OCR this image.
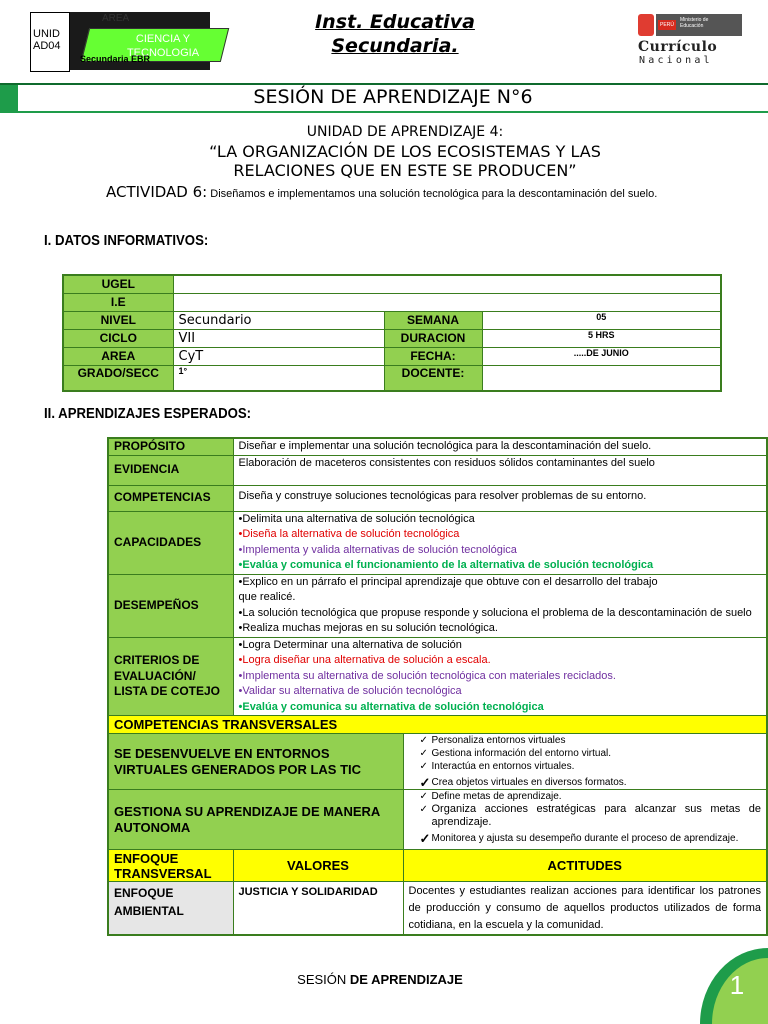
UNID AD04
AREA
CIENCIA Y TECNOLOGIA
Secundaria EBR
Inst. Educativa Secundaria.
PERÚ
Ministerio de Educación
Currículo
Nacional
SESIÓN DE APRENDIZAJE N°6
UNIDAD DE APRENDIZAJE 4:
“LA ORGANIZACIÓN DE LOS ECOSISTEMAS Y LAS RELACIONES QUE EN ESTE SE PRODUCEN”
ACTIVIDAD 6: Diseñamos e implementamos una solución tecnológica para la descontaminación del suelo.
I. DATOS INFORMATIVOS:
UGEL			
I.E			
NIVEL	Secundario	SEMANA	05
CICLO	VII	DURACION	5 HRS
AREA	CyT	FECHA:	.....DE JUNIO
GRADO/SECC	1°	DOCENTE:	
II. APRENDIZAJES ESPERADOS:
PROPÓSITO	Diseñar e implementar una solución tecnológica para la descontaminación del suelo.	
EVIDENCIA	Elaboración de maceteros consistentes con residuos sólidos contaminantes del suelo	
COMPETENCIAS	Diseña y construye soluciones tecnológicas para resolver problemas de su entorno.	
CAPACIDADES	•Delimita una alternativa de solución tecnológica
•Diseña la alternativa de solución tecnológica
•Implementa y valida alternativas de solución tecnológica
•Evalúa y comunica el funcionamiento de la alternativa de solución tecnológica	

DESEMPEÑOS	•Explico en un párrafo el principal aprendizaje que obtuve con el desarrollo del trabajo que realicé.
•La solución tecnológica que propuse responde y soluciona el problema de la descontaminación de suelo
•Realiza muchas mejoras en su solución tecnológica.	

CRITERIOS DE EVALUACIÓN/ LISTA DE COTEJO	•Logra Determinar una alternativa de solución
•Logra diseñar una alternativa de solución a escala.
•Implementa su alternativa de solución tecnológica con materiales reciclados.
•Validar su alternativa de solución tecnológica
•Evalúa y comunica su alternativa de solución tecnológica	

COMPETENCIAS TRANSVERSALES		
SE DESENVUELVE EN ENTORNOS VIRTUALES GENERADOS POR LAS TIC		✓ Personaliza entornos virtuales
✓ Gestiona información del entorno virtual.
✓ Interactúa en entornos virtuales.
✓ Crea objetos virtuales en diversos formatos.

GESTIONA SU APRENDIZAJE DE MANERA AUTONOMA		✓ Define metas de aprendizaje.
✓ Organiza acciones estratégicas para alcanzar sus metas de aprendizaje.
✓ Monitorea y ajusta su desempeño durante el proceso de aprendizaje.

ENFOQUE TRANSVERSAL	VALORES	ACTITUDES
ENFOQUE AMBIENTAL	JUSTICIA Y SOLIDARIDAD	Docentes y estudiantes realizan acciones para identificar los patrones de producción y consumo de aquellos productos utilizados de forma cotidiana, en la escuela y la comunidad.
SESIÓN DE APRENDIZAJE	1
